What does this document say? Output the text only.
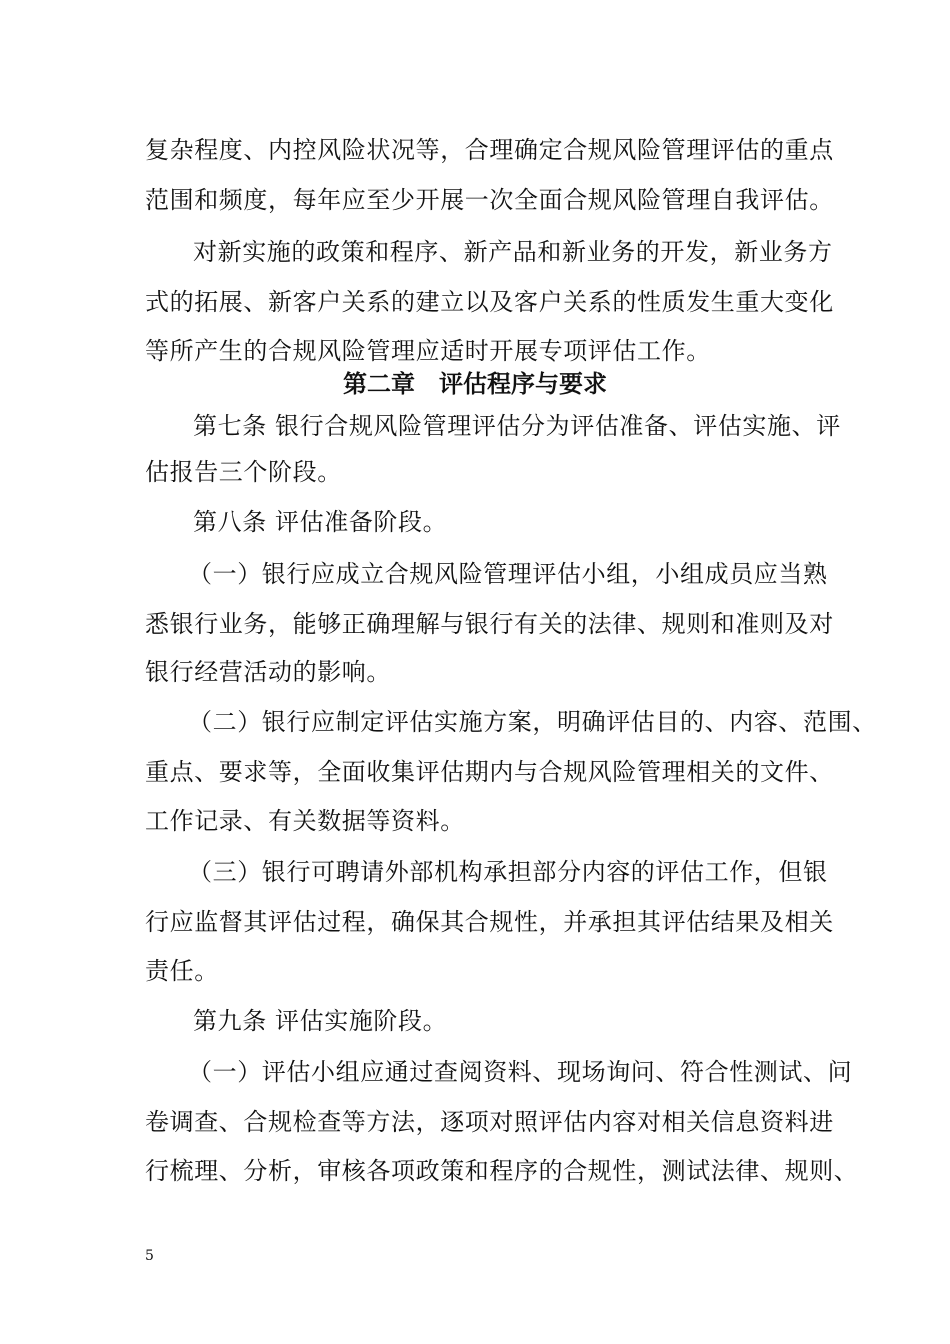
复杂程度、内控风险状况等，合理确定合规风险管理评估的重点
范围和频度，每年应至少开展一次全面合规风险管理自我评估。
对新实施的政策和程序、新产品和新业务的开发，新业务方
式的拓展、新客户关系的建立以及客户关系的性质发生重大变化
等所产生的合规风险管理应适时开展专项评估工作。
第二章　评估程序与要求
第七条 银行合规风险管理评估分为评估准备、评估实施、评
估报告三个阶段。
第八条 评估准备阶段。
（一）银行应成立合规风险管理评估小组，小组成员应当熟
悉银行业务，能够正确理解与银行有关的法律、规则和准则及对
银行经营活动的影响。
（二）银行应制定评估实施方案，明确评估目的、内容、范围、
重点、要求等，全面收集评估期内与合规风险管理相关的文件、
工作记录、有关数据等资料。
（三）银行可聘请外部机构承担部分内容的评估工作，但银
行应监督其评估过程，确保其合规性，并承担其评估结果及相关
责任。
第九条 评估实施阶段。
（一）评估小组应通过查阅资料、现场询问、符合性测试、问
卷调查、合规检查等方法，逐项对照评估内容对相关信息资料进
行梳理、分析，审核各项政策和程序的合规性，测试法律、规则、
5
